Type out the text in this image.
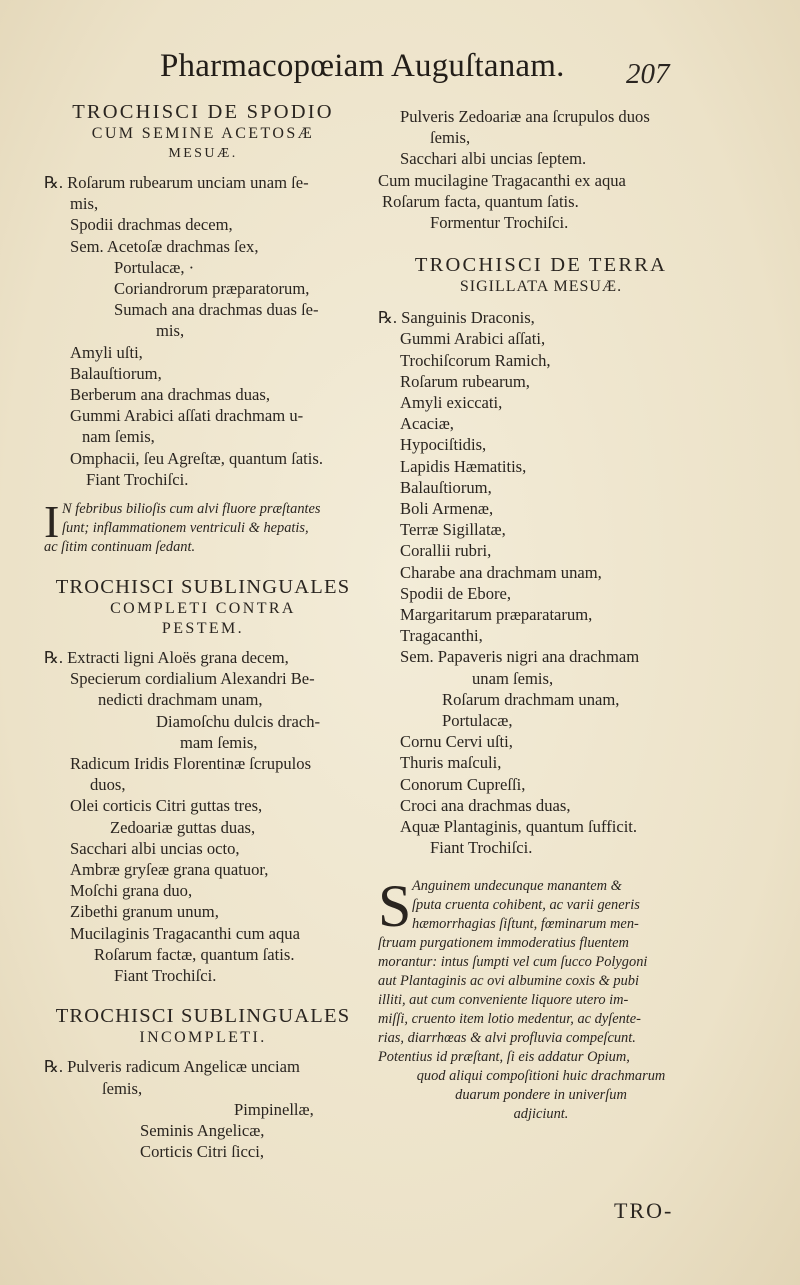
Pharmacopœiam Auguſtanam. 207
TROCHISCI DE SPODIO
CUM SEMINE ACETOSÆ
MESUÆ.
℞. Roſarum rubearum unciam unam ſe-
mis,
Spodii drachmas decem,
Sem. Acetoſæ drachmas ſex,
Portulacæ, ·
Coriandrorum præparatorum,
Sumach ana drachmas duas ſe-
mis,
Amyli uſti,
Balauſtiorum,
Berberum ana drachmas duas,
Gummi Arabici aſſati drachmam u-
nam ſemis,
Omphacii, ſeu Agreſtæ, quantum ſatis.
Fiant Trochiſci.
I N febribus bilioſis cum alvi fluore præſtantes
ſunt; inflammationem ventriculi & hepatis,
ac ſitim continuam ſedant.
TROCHISCI SUBLINGUALES
COMPLETI CONTRA
PESTEM.
℞. Extracti ligni Aloës grana decem,
Specierum cordialium Alexandri Be-
nedicti drachmam unam,
Diamoſchu dulcis drach-
mam ſemis,
Radicum Iridis Florentinæ ſcrupulos
duos,
Olei corticis Citri guttas tres,
Zedoariæ guttas duas,
Sacchari albi uncias octo,
Ambræ gryſeæ grana quatuor,
Moſchi grana duo,
Zibethi granum unum,
Mucilaginis Tragacanthi cum aqua
Roſarum factæ, quantum ſatis.
Fiant Trochiſci.
TROCHISCI SUBLINGUALES
INCOMPLETI.
℞. Pulveris radicum Angelicæ unciam
ſemis,
Pimpinellæ,
Seminis Angelicæ,
Corticis Citri ſicci,
Pulveris Zedoariæ ana ſcrupulos duos
ſemis,
Sacchari albi uncias ſeptem.
Cum mucilagine Tragacanthi ex aqua
Roſarum facta, quantum ſatis.
Formentur Trochiſci.
TROCHISCI DE TERRA
SIGILLATA MESUÆ.
℞. Sanguinis Draconis,
Gummi Arabici aſſati,
Trochiſcorum Ramich,
Roſarum rubearum,
Amyli exiccati,
Acaciæ,
Hypociſtidis,
Lapidis Hæmatitis,
Balauſtiorum,
Boli Armenæ,
Terræ Sigillatæ,
Corallii rubri,
Charabe ana drachmam unam,
Spodii de Ebore,
Margaritarum præparatarum,
Tragacanthi,
Sem. Papaveris nigri ana drachmam
unam ſemis,
Roſarum drachmam unam,
Portulacæ,
Cornu Cervi uſti,
Thuris maſculi,
Conorum Cupreſſi,
Croci ana drachmas duas,
Aquæ Plantaginis, quantum ſufficit.
Fiant Trochiſci.
S Anguinem undecunque manantem &
ſputa cruenta cohibent, ac varii generis
hæmorrhagias ſiſtunt, fœminarum men-
ſtruam purgationem immoderatius fluentem
morantur: intus ſumpti vel cum ſucco Polygoni
aut Plantaginis ac ovi albumine coxis & pubi
illiti, aut cum conveniente liquore utero im-
miſſi, cruento item lotio medentur, ac dyſente-
rias, diarrhœas & alvi profluvia compeſcunt.
Potentius id præſtant, ſi eis addatur Opium,
quod aliqui compoſitioni huic drachmarum
duarum pondere in univerſum
adjiciunt.
TRO-
